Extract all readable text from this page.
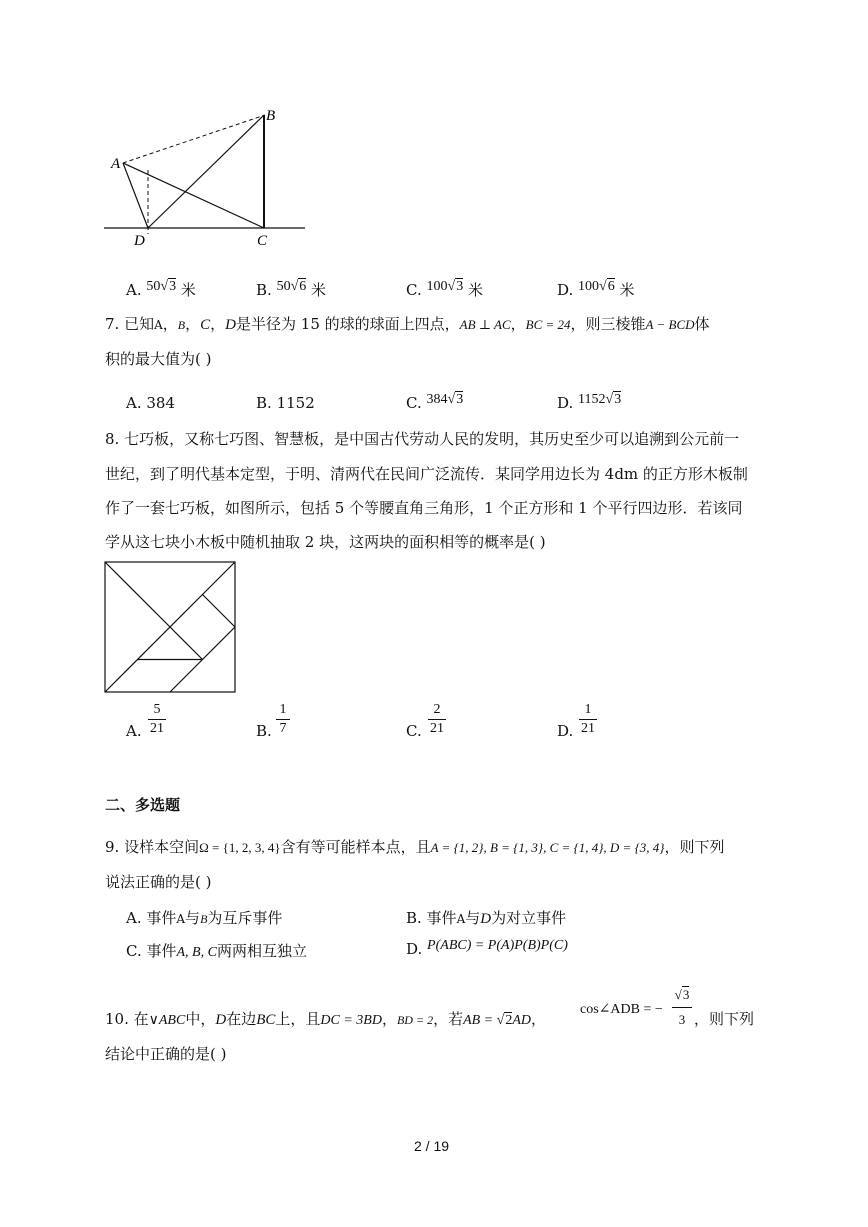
B
A
D	C
A. 50√3 米	B. 50√6 米	C. 100√3 米	D. 100√6 米
7. 已知A，B，C，D是半径为 15 的球的球面上四点，AB ⊥ AC，BC = 24，则三棱锥A − BCD体
积的最大值为( )
A. 384	B. 1152	C. 384√3	D. 1152√3
8. 七巧板，又称七巧图、智慧板，是中国古代劳动人民的发明，其历史至少可以追溯到公元前一
世纪，到了明代基本定型，于明、清两代在民间广泛流传．某同学用边长为 4dm 的正方形木板制
作了一套七巧板，如图所示，包括 5 个等腰直角三角形，1 个正方形和 1 个平行四边形．若该同
学从这七块小木板中随机抽取 2 块，这两块的面积相等的概率是( )
A.
5
21	B.
1
7	C.
2
21	D.
1
21
二、多选题
9. 设样本空间Ω = {1, 2, 3, 4}含有等可能样本点，且A = {1, 2}, B = {1, 3}, C = {1, 4}, D = {3, 4}，则下列
说法正确的是( )
A. 事件A与B为互斥事件	B. 事件A与D为对立事件
C. 事件A, B, C两两相互独立	D. P(ABC) = P(A)P(B)P(C)
10. 在∨ABC中，D在边BC上，且DC = 3BD，BD = 2，若AB = √2AD，
cos∠ADB = −
√3
3 ，则下列
结论中正确的是( )
2 / 19
